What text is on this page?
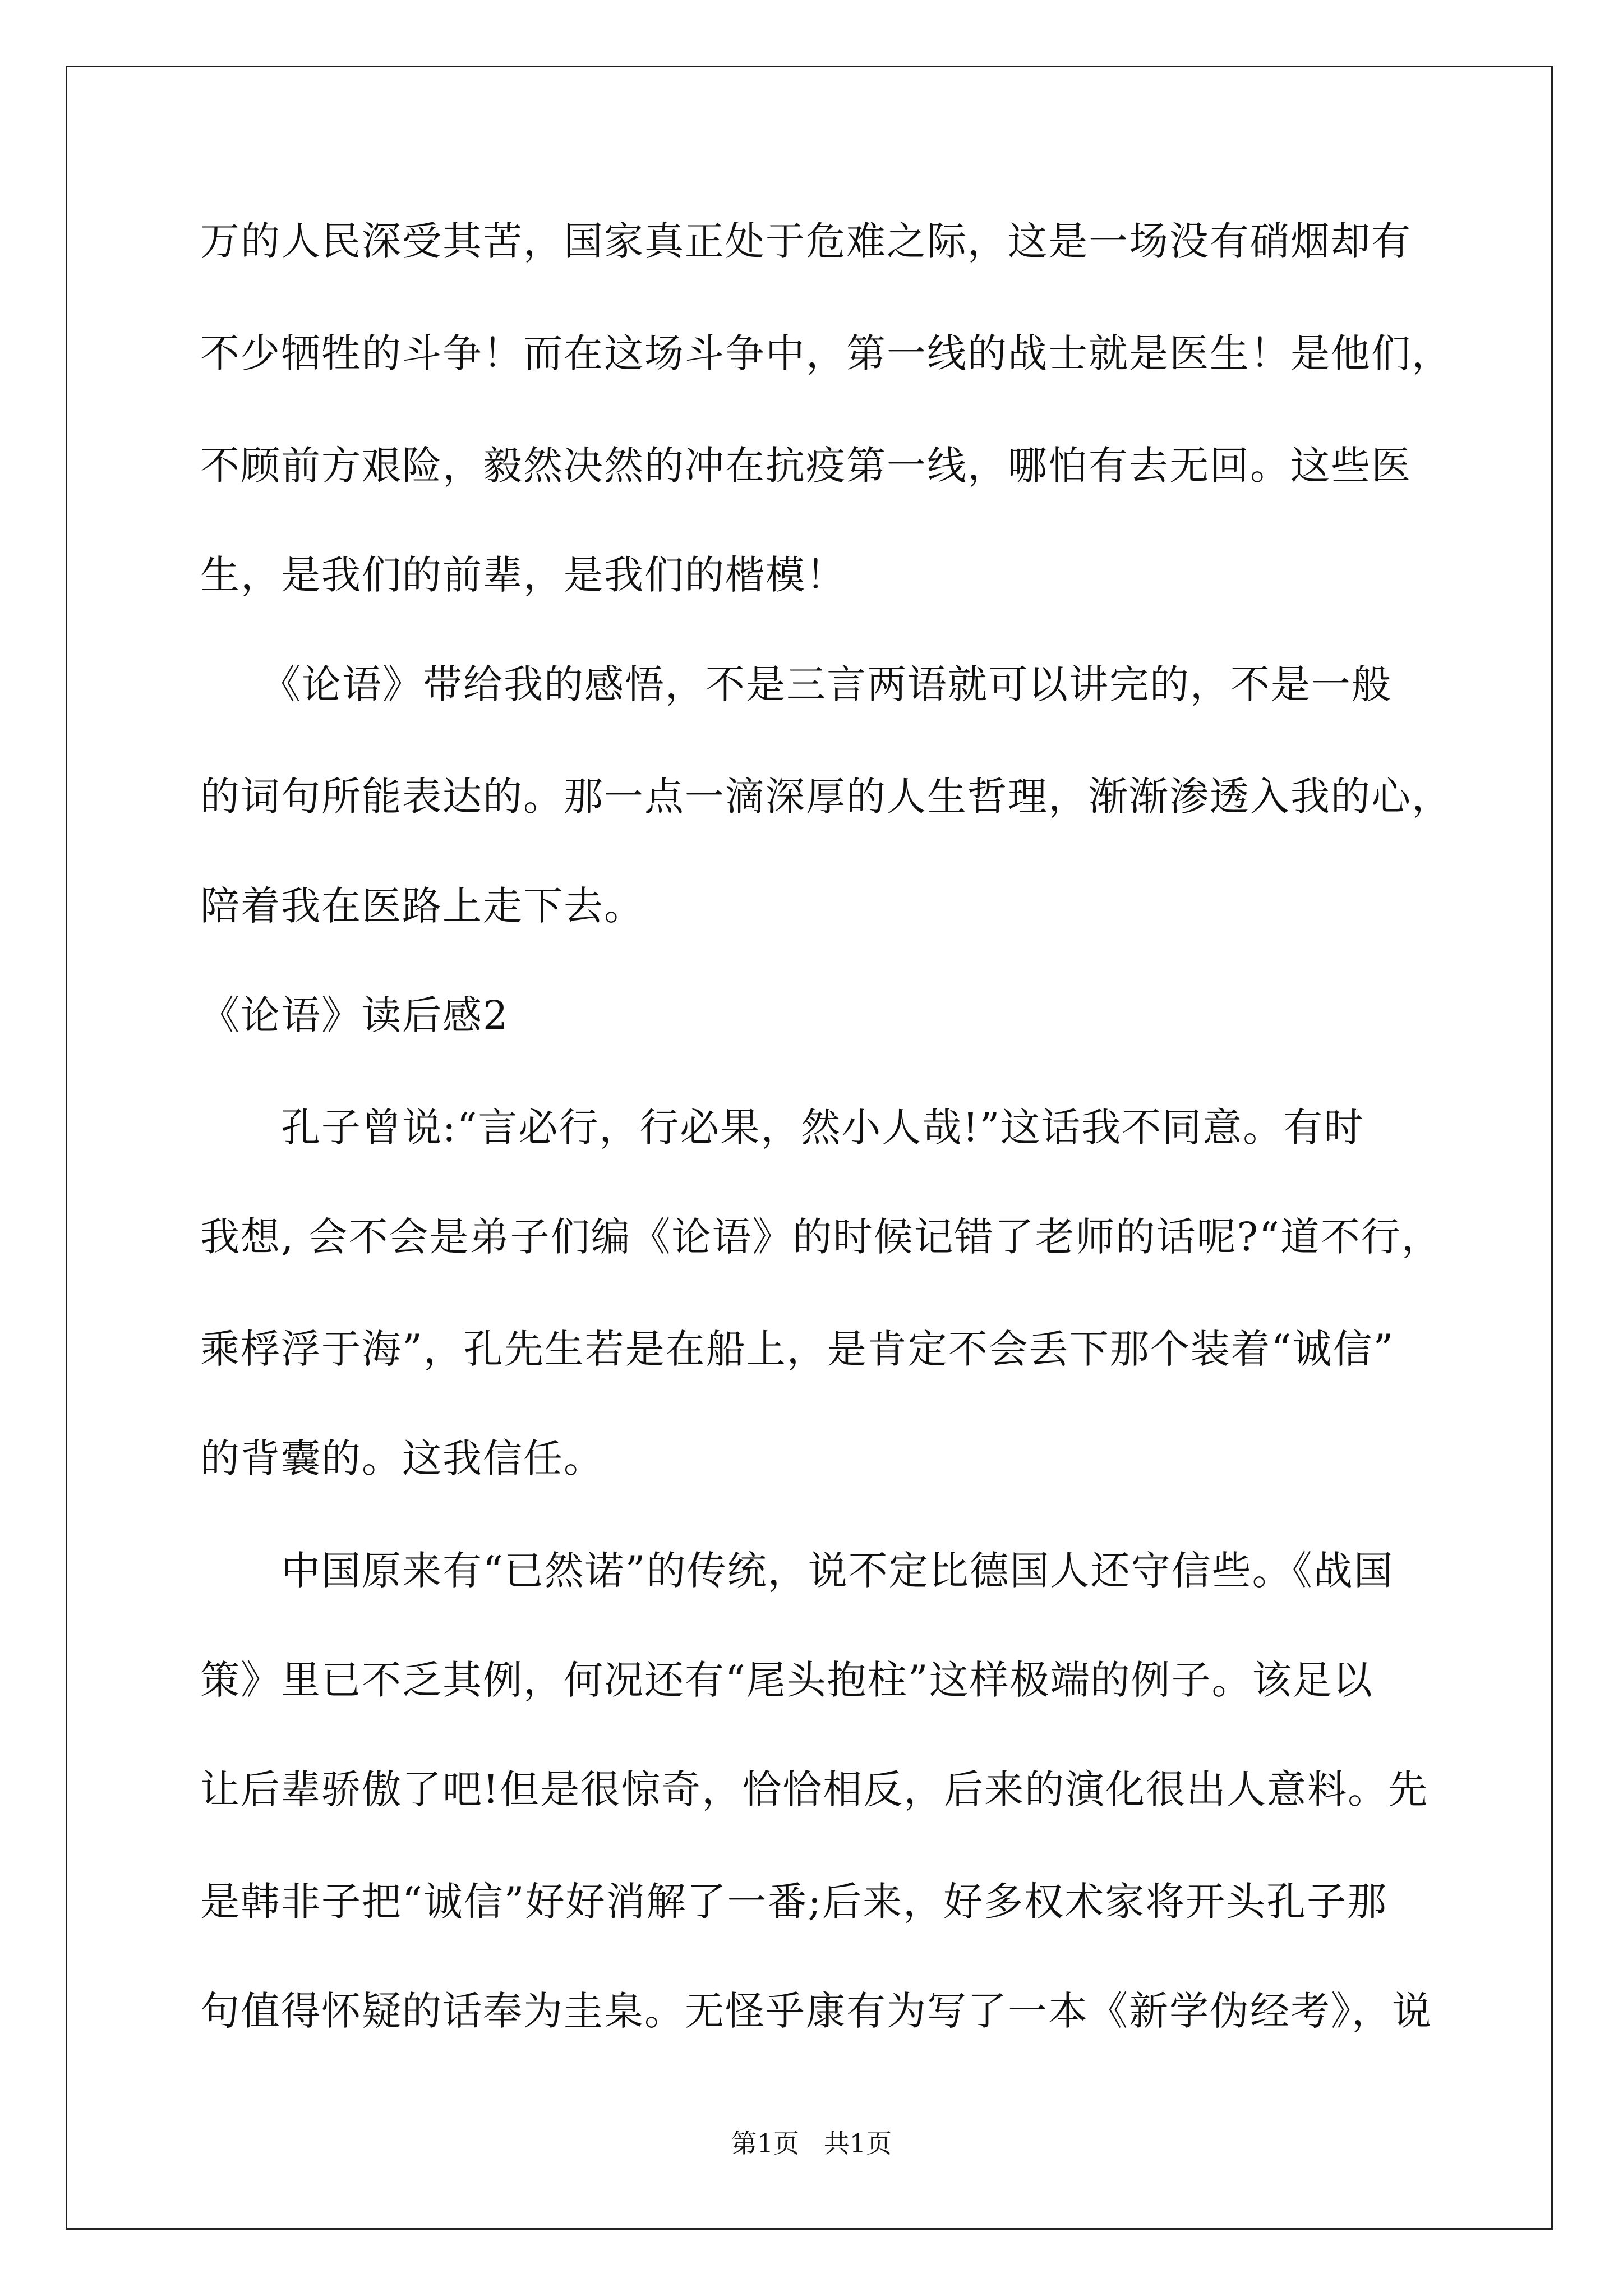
万的人民深受其苦，国家真正处于危难之际，这是一场没有硝烟却有
不少牺牲的斗争！而在这场斗争中，第一线的战士就是医生！是他们，
不顾前方艰险，毅然决然的冲在抗疫第一线，哪怕有去无回。这些医
生，是我们的前辈，是我们的楷模！
　　《论语》带给我的感悟，不是三言两语就可以讲完的，不是一般
的词句所能表达的。那一点一滴深厚的人生哲理，渐渐渗透入我的心，
陪着我在医路上走下去。
《论语》读后感2
　　孔子曾说:“言必行，行必果，然小人哉!”这话我不同意。有时
我想, 会不会是弟子们编《论语》的时候记错了老师的话呢?“道不行，
乘桴浮于海”，孔先生若是在船上，是肯定不会丢下那个装着“诚信”
的背囊的。这我信任。
　　中国原来有“已然诺”的传统，说不定比德国人还守信些。《战国
策》里已不乏其例，何况还有“尾头抱柱”这样极端的例子。该足以
让后辈骄傲了吧!但是很惊奇，恰恰相反，后来的演化很出人意料。先
是韩非子把“诚信”好好消解了一番;后来，好多权术家将开头孔子那
句值得怀疑的话奉为圭臬。无怪乎康有为写了一本《新学伪经考》，说
第1页   共1页
